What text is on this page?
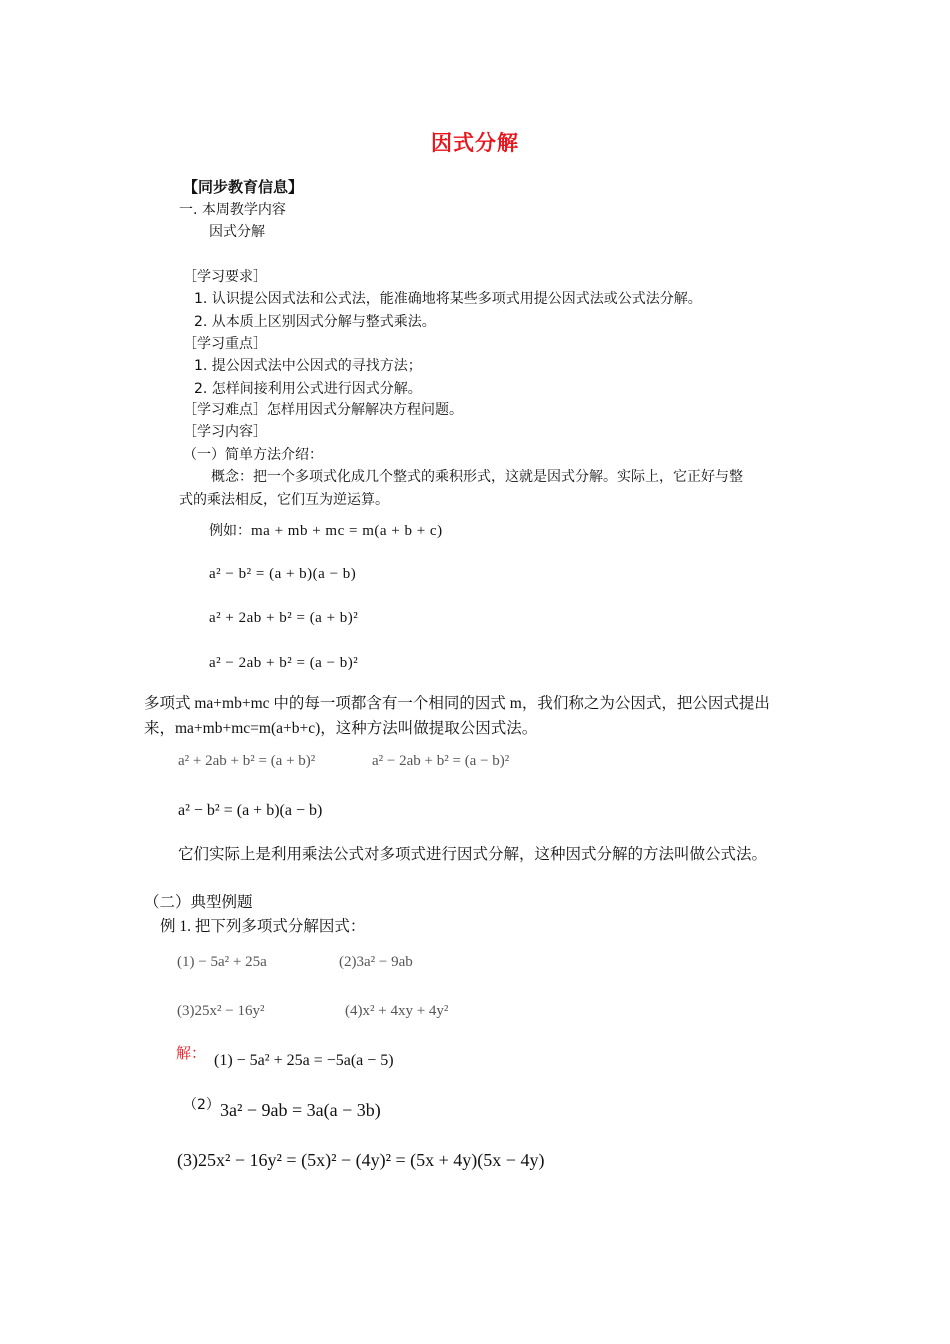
因式分解
【同步教育信息】
一. 本周教学内容
因式分解
［学习要求］
1. 认识提公因式法和公式法，能准确地将某些多项式用提公因式法或公式法分解。
2. 从本质上区别因式分解与整式乘法。
［学习重点］
1. 提公因式法中公因式的寻找方法；
2. 怎样间接利用公式进行因式分解。
［学习难点］怎样用因式分解解决方程问题。
［学习内容］
（一）简单方法介绍：
概念：把一个多项式化成几个整式的乘积形式，这就是因式分解。实际上，它正好与整
式的乘法相反，它们互为逆运算。
例如：ma + mb + mc = m(a + b + c)
a² − b² = (a + b)(a − b)
a² + 2ab + b² = (a + b)²
a² − 2ab + b² = (a − b)²
多项式 ma+mb+mc 中的每一项都含有一个相同的因式 m，我们称之为公因式，把公因式提出
来，ma+mb+mc=m(a+b+c)，这种方法叫做提取公因式法。
a² + 2ab + b² = (a + b)²	a² − 2ab + b² = (a − b)²
a² − b² = (a + b)(a − b)
它们实际上是利用乘法公式对多项式进行因式分解，这种因式分解的方法叫做公式法。
（二）典型例题
例 1. 把下列多项式分解因式：
(1) − 5a² + 25a	(2)3a² − 9ab
(3)25x² − 16y²	(4)x² + 4xy + 4y²
解： (1) − 5a² + 25a = −5a(a − 5)
（2） 3a² − 9ab = 3a(a − 3b)
(3)25x² − 16y² = (5x)² − (4y)² = (5x + 4y)(5x − 4y)
